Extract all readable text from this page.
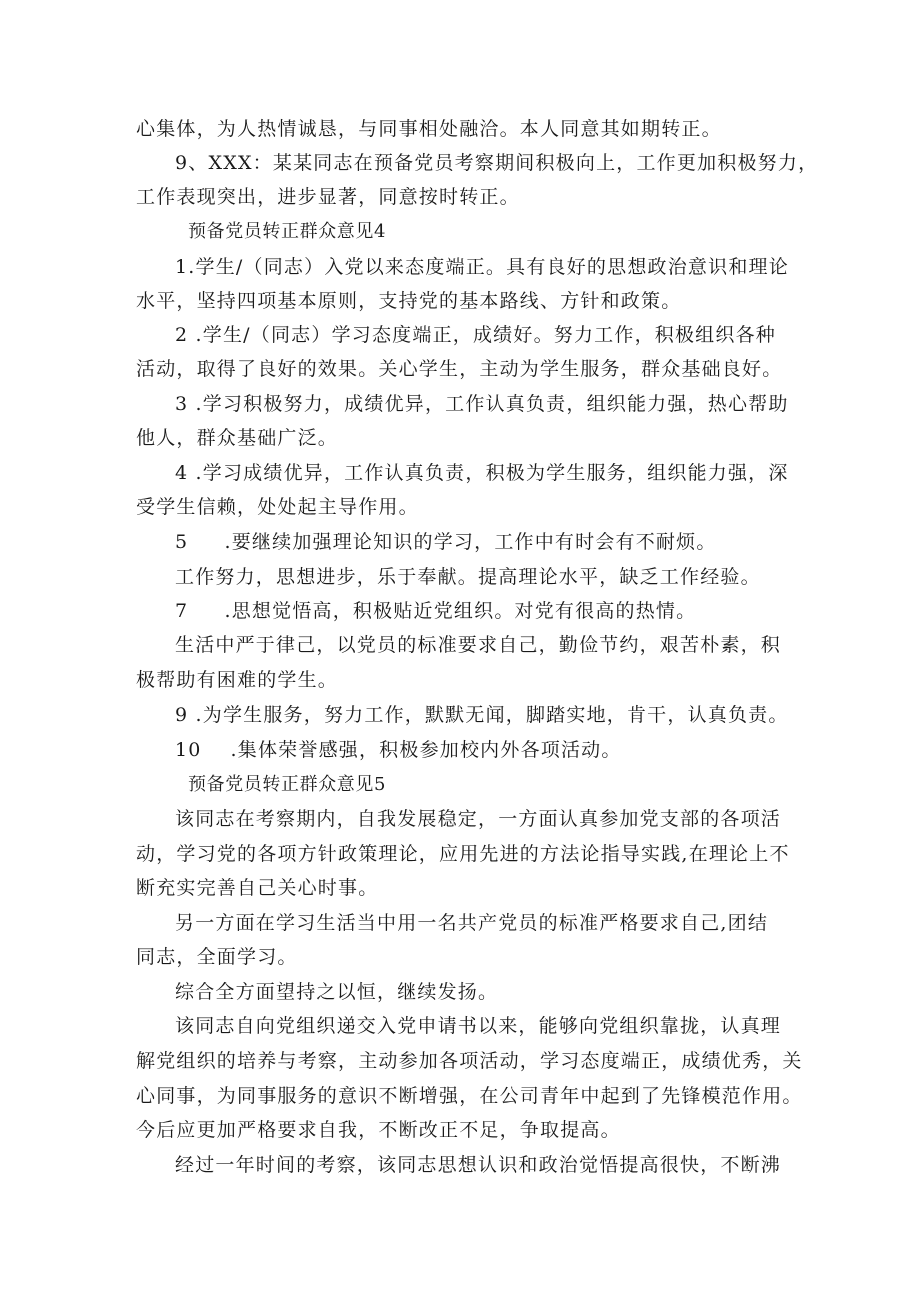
心集体，为人热情诚恳，与同事相处融洽。本人同意其如期转正。
9、XXX：某某同志在预备党员考察期间积极向上，工作更加积极努力，
工作表现突出，进步显著，同意按时转正。
预备党员转正群众意见4
1.学生/（同志）入党以来态度端正。具有良好的思想政治意识和理论
水平，坚持四项基本原则，支持党的基本路线、方针和政策。
2 .学生/（同志）学习态度端正，成绩好。努力工作，积极组织各种
活动，取得了良好的效果。关心学生，主动为学生服务，群众基础良好。
3 .学习积极努力，成绩优异，工作认真负责，组织能力强，热心帮助
他人，群众基础广泛。
4 .学习成绩优异，工作认真负责，积极为学生服务，组织能力强，深
受学生信赖，处处起主导作用。
5     .要继续加强理论知识的学习，工作中有时会有不耐烦。
工作努力，思想进步，乐于奉献。提高理论水平，缺乏工作经验。
7     .思想觉悟高，积极贴近党组织。对党有很高的热情。
生活中严于律己，以党员的标准要求自己，勤俭节约，艰苦朴素，积
极帮助有困难的学生。
9 .为学生服务，努力工作，默默无闻，脚踏实地，肯干，认真负责。
10    .集体荣誉感强，积极参加校内外各项活动。
预备党员转正群众意见5
该同志在考察期内，自我发展稳定，一方面认真参加党支部的各项活
动，学习党的各项方针政策理论，应用先进的方法论指导实践,在理论上不
断充实完善自己关心时事。
另一方面在学习生活当中用一名共产党员的标准严格要求自己,团结
同志，全面学习。
综合全方面望持之以恒，继续发扬。
该同志自向党组织递交入党申请书以来，能够向党组织靠拢，认真理
解党组织的培养与考察，主动参加各项活动，学习态度端正，成绩优秀，关
心同事，为同事服务的意识不断增强，在公司青年中起到了先锋模范作用。
今后应更加严格要求自我，不断改正不足，争取提高。
经过一年时间的考察，该同志思想认识和政治觉悟提高很快，不断沸
